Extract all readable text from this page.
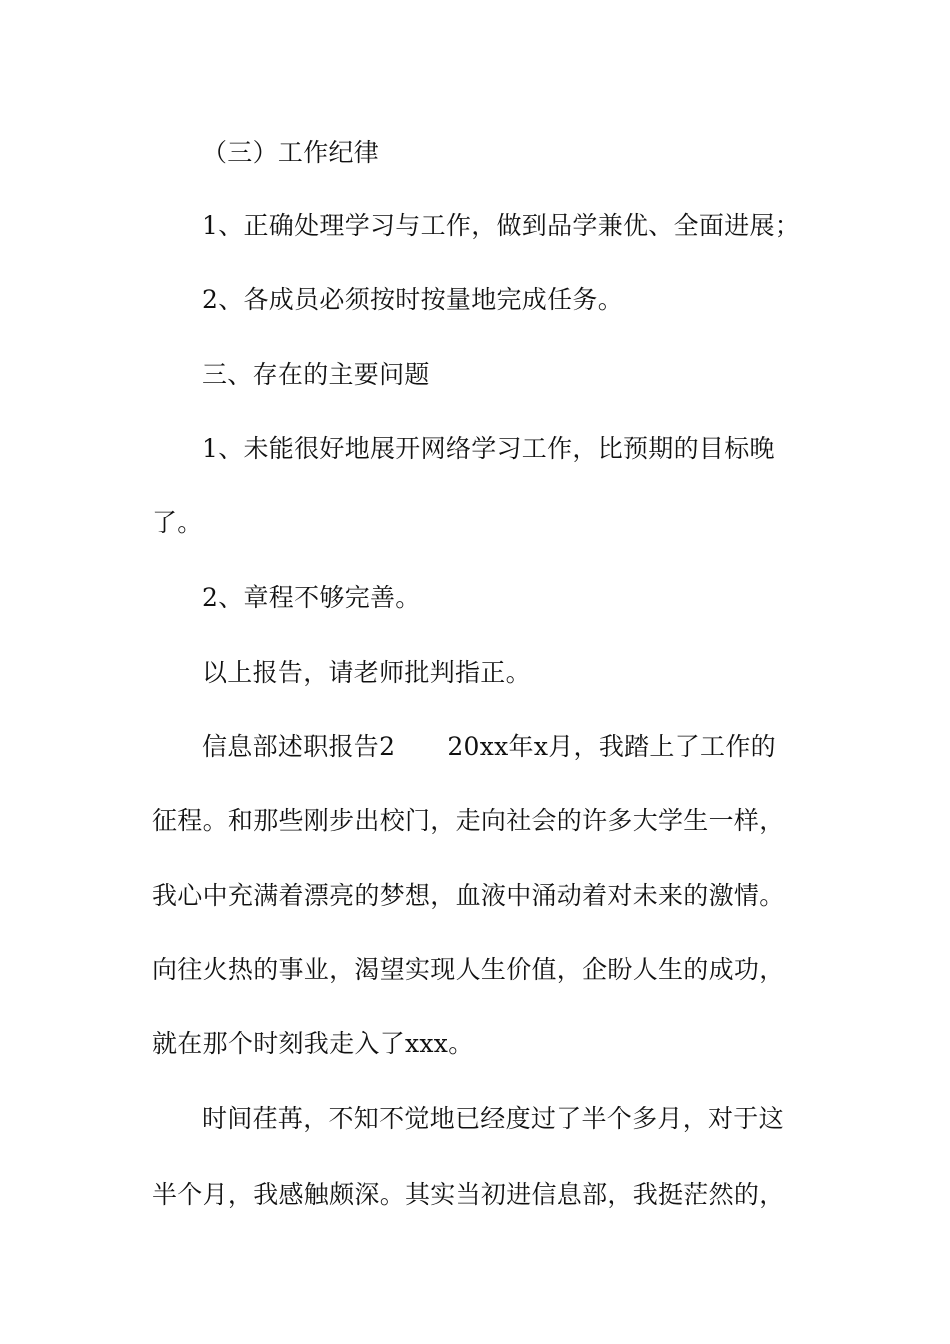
（三）工作纪律
1、正确处理学习与工作，做到品学兼优、全面进展；
2、各成员必须按时按量地完成任务。
三、存在的主要问题
1、未能很好地展开网络学习工作，比预期的目标晚
了。
2、章程不够完善。
以上报告，请老师批判指正。
信息部述职报告2 20xx年x月，我踏上了工作的
征程。和那些刚步出校门，走向社会的许多大学生一样，
我心中充满着漂亮的梦想，血液中涌动着对未来的激情。
向往火热的事业，渴望实现人生价值，企盼人生的成功，
就在那个时刻我走入了xxx。
时间荏苒，不知不觉地已经度过了半个多月，对于这
半个月，我感触颇深。其实当初进信息部，我挺茫然的，
